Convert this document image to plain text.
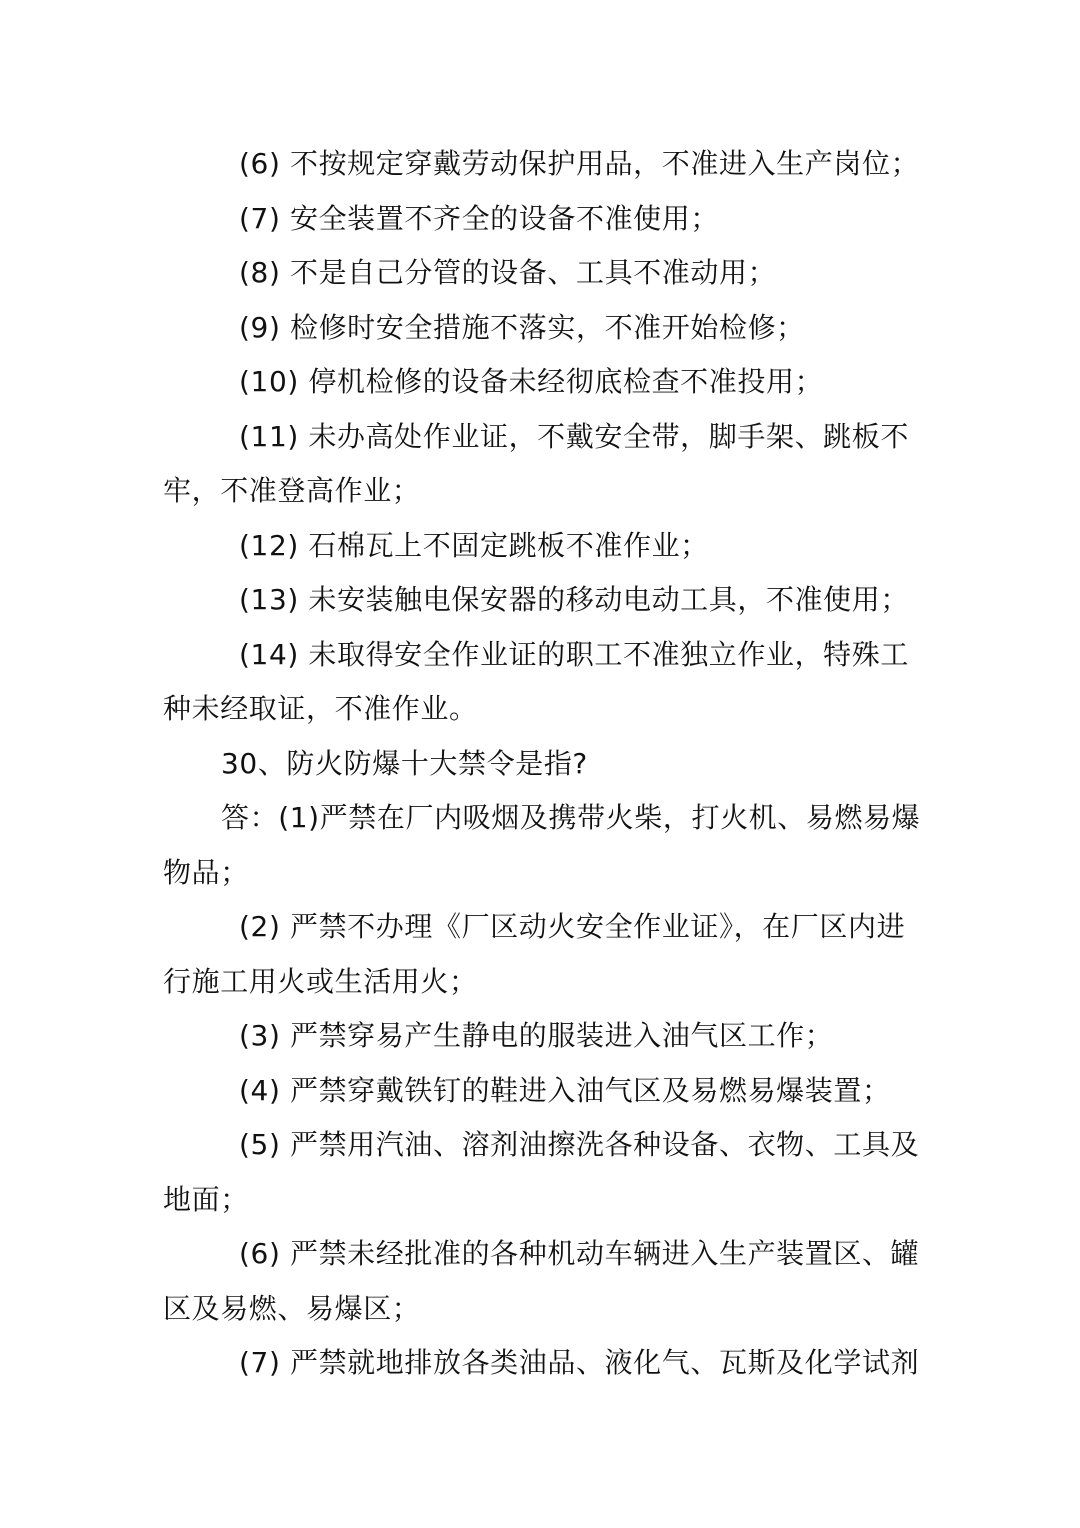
(6) 不按规定穿戴劳动保护用品，不准进入生产岗位；

(7) 安全装置不齐全的设备不准使用；

(8) 不是自己分管的设备、工具不准动用；

(9) 检修时安全措施不落实，不准开始检修；

(10) 停机检修的设备未经彻底检查不准投用；

(11) 未办高处作业证，不戴安全带，脚手架、跳板不牢，不准登高作业；

(12) 石棉瓦上不固定跳板不准作业；

(13) 未安装触电保安器的移动电动工具，不准使用；

(14) 未取得安全作业证的职工不准独立作业，特殊工种未经取证，不准作业。

30、防火防爆十大禁令是指?

答：(1)严禁在厂内吸烟及携带火柴，打火机、易燃易爆物品；

(2) 严禁不办理《厂区动火安全作业证》，在厂区内进行施工用火或生活用火；

(3) 严禁穿易产生静电的服装进入油气区工作；

(4) 严禁穿戴铁钉的鞋进入油气区及易燃易爆装置；

(5) 严禁用汽油、溶剂油擦洗各种设备、衣物、工具及地面；

(6) 严禁未经批准的各种机动车辆进入生产装置区、罐区及易燃、易爆区；

(7) 严禁就地排放各类油品、液化气、瓦斯及化学试剂
